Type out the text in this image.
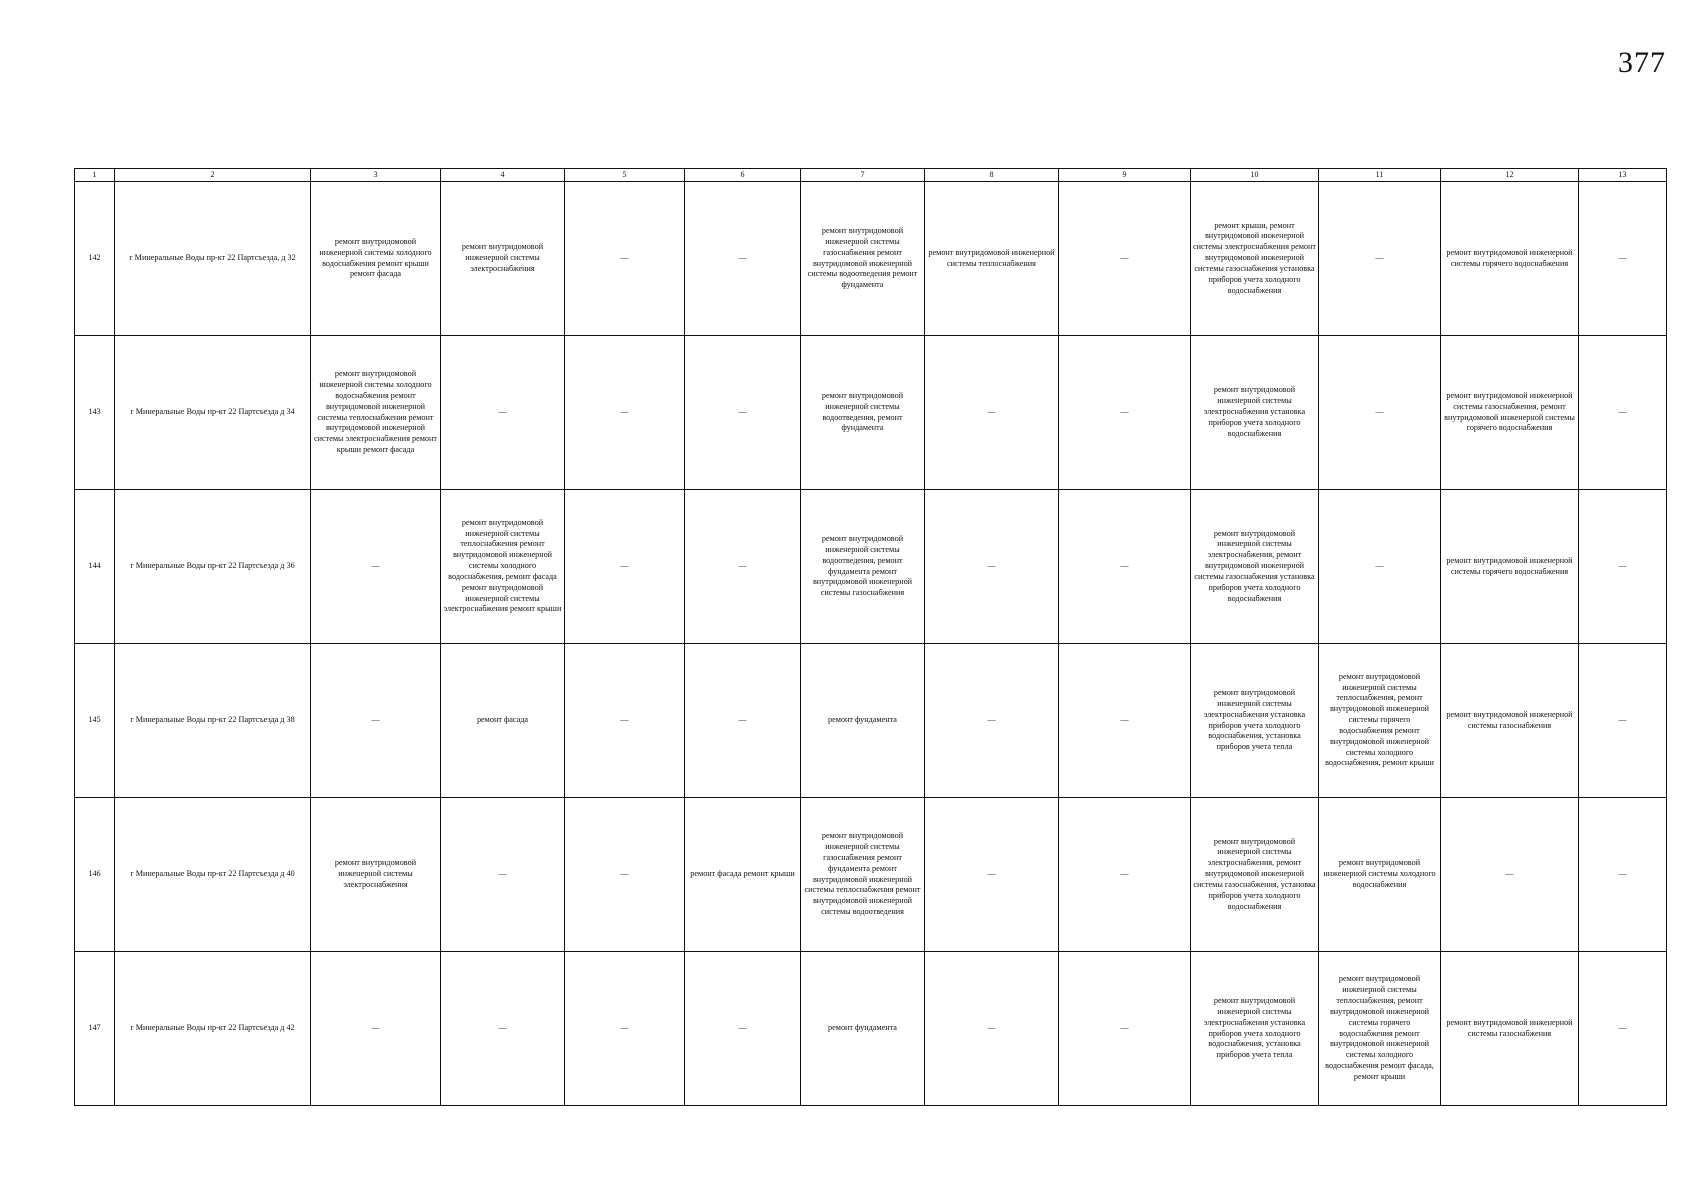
377
1	2	3	4	5	6	7	8	9	10	11	12	13
142	г Минеральные Воды пр-кт 22 Партсъезда, д 32	ремонт внутридомовой инженерной системы холодного водоснабжения ремонт крыши ремонт фасада	ремонт внутридомовой инженерной системы электроснабжения	—	—	ремонт внутридомовой инженерной системы газоснабжения ремонт внутридомовой инженерной системы водоотведения ремонт фундамента	ремонт внутридомовой инженерной системы теплоснабжения	—	ремонт крыши, ремонт внутридомовой инженерной системы электроснабжения ремонт внутридомовой инженерной системы газоснабжения установка приборов учета холодного водоснабжения	—	ремонт внутридомовой инженерной системы горячего водоснабжения	—
143	г Минеральные Воды пр-кт 22 Партсъезда д 34	ремонт внутридомовой инженерной системы холодного водоснабжения ремонт внутридомовой инженерной системы теплоснабжения ремонт внутридомовой инженерной системы электроснабжения ремонт крыши ремонт фасада	—	—	—	ремонт внутридомовой инженерной системы водоотведения, ремонт фундамента	—	—	ремонт внутридомовой инженерной системы электроснабжения установка приборов учета холодного водоснабжения	—	ремонт внутридомовой инженерной системы газоснабжения, ремонт внутридомовой инженерной системы горячего водоснабжения	—
144	г Минеральные Воды пр-кт 22 Партсъезда д 36	—	ремонт внутридомовой инженерной системы теплоснабжения ремонт внутридомовой инженерной системы холодного водоснабжения, ремонт фасада ремонт внутридомовой инженерной системы электроснабжения ремонт крыши	—	—	ремонт внутридомовой инженерной системы водоотведения, ремонт фундамента ремонт внутридомовой инженерной системы газоснабжения	—	—	ремонт внутридомовой инженерной системы электроснабжения, ремонт внутридомовой инженерной системы газоснабжения установка приборов учета холодного водоснабжения	—	ремонт внутридомовой инженерной системы горячего водоснабжения	—
145	г Минеральные Воды пр-кт 22 Партсъезда д 38	—	ремонт фасада	—	—	ремонт фундамента	—	—	ремонт внутридомовой инженерной системы электроснабжения установка приборов учета холодного водоснабжения, установка приборов учета тепла	ремонт внутридомовой инженерной системы теплоснабжения, ремонт внутридомовой инженерной системы горячего водоснабжения ремонт внутридомовой инженерной системы холодного водоснабжения, ремонт крыши	ремонт внутридомовой инженерной системы газоснабжения	—
146	г Минеральные Воды пр-кт 22 Партсъезда д 40	ремонт внутридомовой инженерной системы электроснабжения	—	—	ремонт фасада ремонт крыши	ремонт внутридомовой инженерной системы газоснабжения ремонт фундамента ремонт внутридомовой инженерной системы теплоснабжения ремонт внутридомовой инженерной системы водоотведения	—	—	ремонт внутридомовой инженерной системы электроснабжения, ремонт внутридомовой инженерной системы газоснабжения, установка приборов учета холодного водоснабжения	ремонт внутридомовой инженерной системы холодного водоснабжения	—	—
147	г Минеральные Воды пр-кт 22 Партсъезда д 42	—	—	—	—	ремонт фундамента	—	—	ремонт внутридомовой инженерной системы электроснабжения установка приборов учета холодного водоснабжения, установка приборов учета тепла	ремонт внутридомовой инженерной системы теплоснабжения, ремонт внутридомовой инженерной системы горячего водоснабжения ремонт внутридомовой инженерной системы холодного водоснабжения ремонт фасада, ремонт крыши	ремонт внутридомовой инженерной системы газоснабжения	—
